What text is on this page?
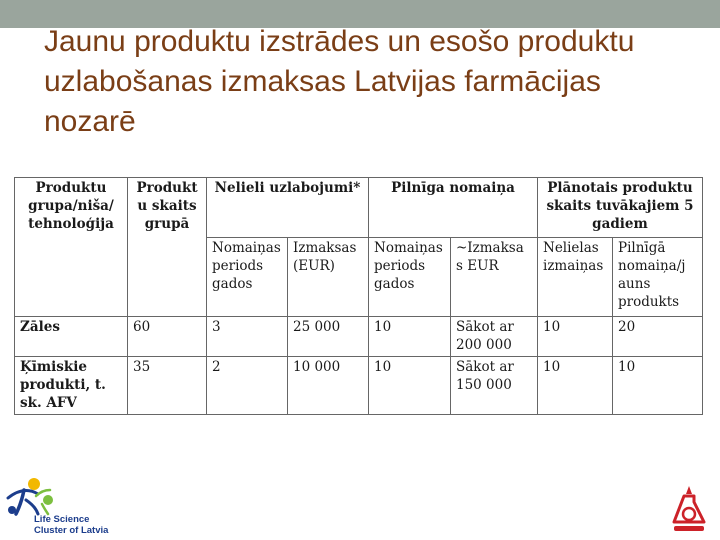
Jaunu produktu izstrādes un esošo produktu uzlabošanas izmaksas Latvijas farmācijas nozarē
Produktu grupa/niša/ tehnoloģija	Produkt u skaits grupā	Nelieli uzlabojumi*		Pilnīga nomaiņa		Plānotais produktu skaits tuvākajiem 5 gadiem	
		Nomaiņas periods gados	Izmaksas (EUR)	Nomaiņas periods gados	~Izmaksa s EUR	Nelielas izmaiņas	Pilnīgā nomaiņa/j auns produkts
Zāles	60	3	25 000	10	Sākot ar 200 000	10	20
Ķīmiskie produkti, t. sk. AFV	35	2	10 000	10	Sākot ar 150 000	10	10
Life Science
Cluster of Latvia
